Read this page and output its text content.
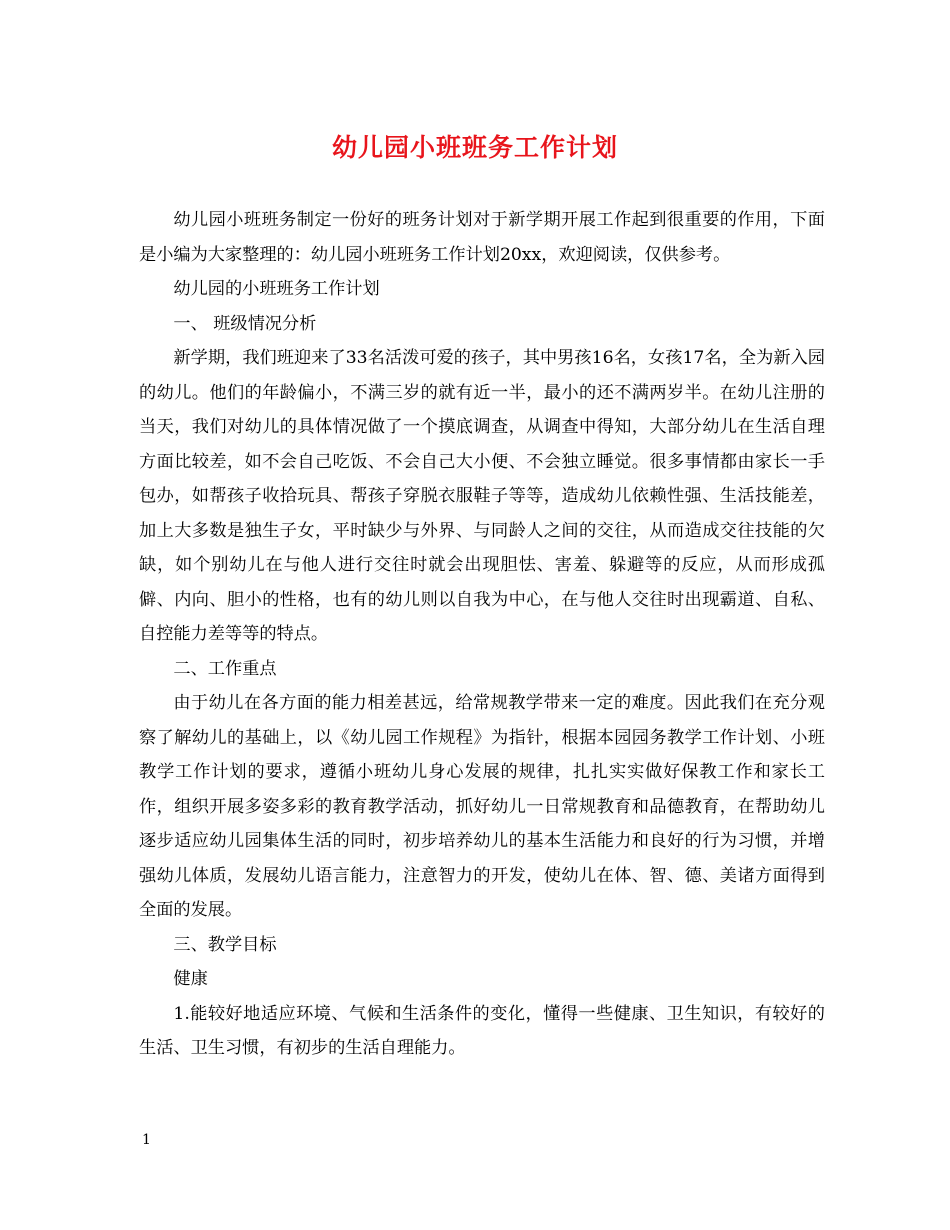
幼儿园小班班务工作计划

幼儿园小班班务制定一份好的班务计划对于新学期开展工作起到很重要的作用，下面是小编为大家整理的：幼儿园小班班务工作计划20xx，欢迎阅读，仅供参考。

幼儿园的小班班务工作计划

一、 班级情况分析

新学期，我们班迎来了33名活泼可爱的孩子，其中男孩16名，女孩17名，全为新入园的幼儿。他们的年龄偏小，不满三岁的就有近一半，最小的还不满两岁半。在幼儿注册的当天，我们对幼儿的具体情况做了一个摸底调查，从调查中得知，大部分幼儿在生活自理方面比较差，如不会自己吃饭、不会自己大小便、不会独立睡觉。很多事情都由家长一手包办，如帮孩子收拾玩具、帮孩子穿脱衣服鞋子等等，造成幼儿依赖性强、生活技能差，加上大多数是独生子女，平时缺少与外界、与同龄人之间的交往，从而造成交往技能的欠缺，如个别幼儿在与他人进行交往时就会出现胆怯、害羞、躲避等的反应，从而形成孤僻、内向、胆小的性格，也有的幼儿则以自我为中心，在与他人交往时出现霸道、自私、自控能力差等等的特点。

二、工作重点

由于幼儿在各方面的能力相差甚远，给常规教学带来一定的难度。因此我们在充分观察了解幼儿的基础上，以《幼儿园工作规程》为指针，根据本园园务教学工作计划、小班教学工作计划的要求，遵循小班幼儿身心发展的规律，扎扎实实做好保教工作和家长工作，组织开展多姿多彩的教育教学活动，抓好幼儿一日常规教育和品德教育，在帮助幼儿逐步适应幼儿园集体生活的同时，初步培养幼儿的基本生活能力和良好的行为习惯，并增强幼儿体质，发展幼儿语言能力，注意智力的开发，使幼儿在体、智、德、美诸方面得到全面的发展。

三、教学目标

健康

1.能较好地适应环境、气候和生活条件的变化，懂得一些健康、卫生知识，有较好的生活、卫生习惯，有初步的生活自理能力。

1
